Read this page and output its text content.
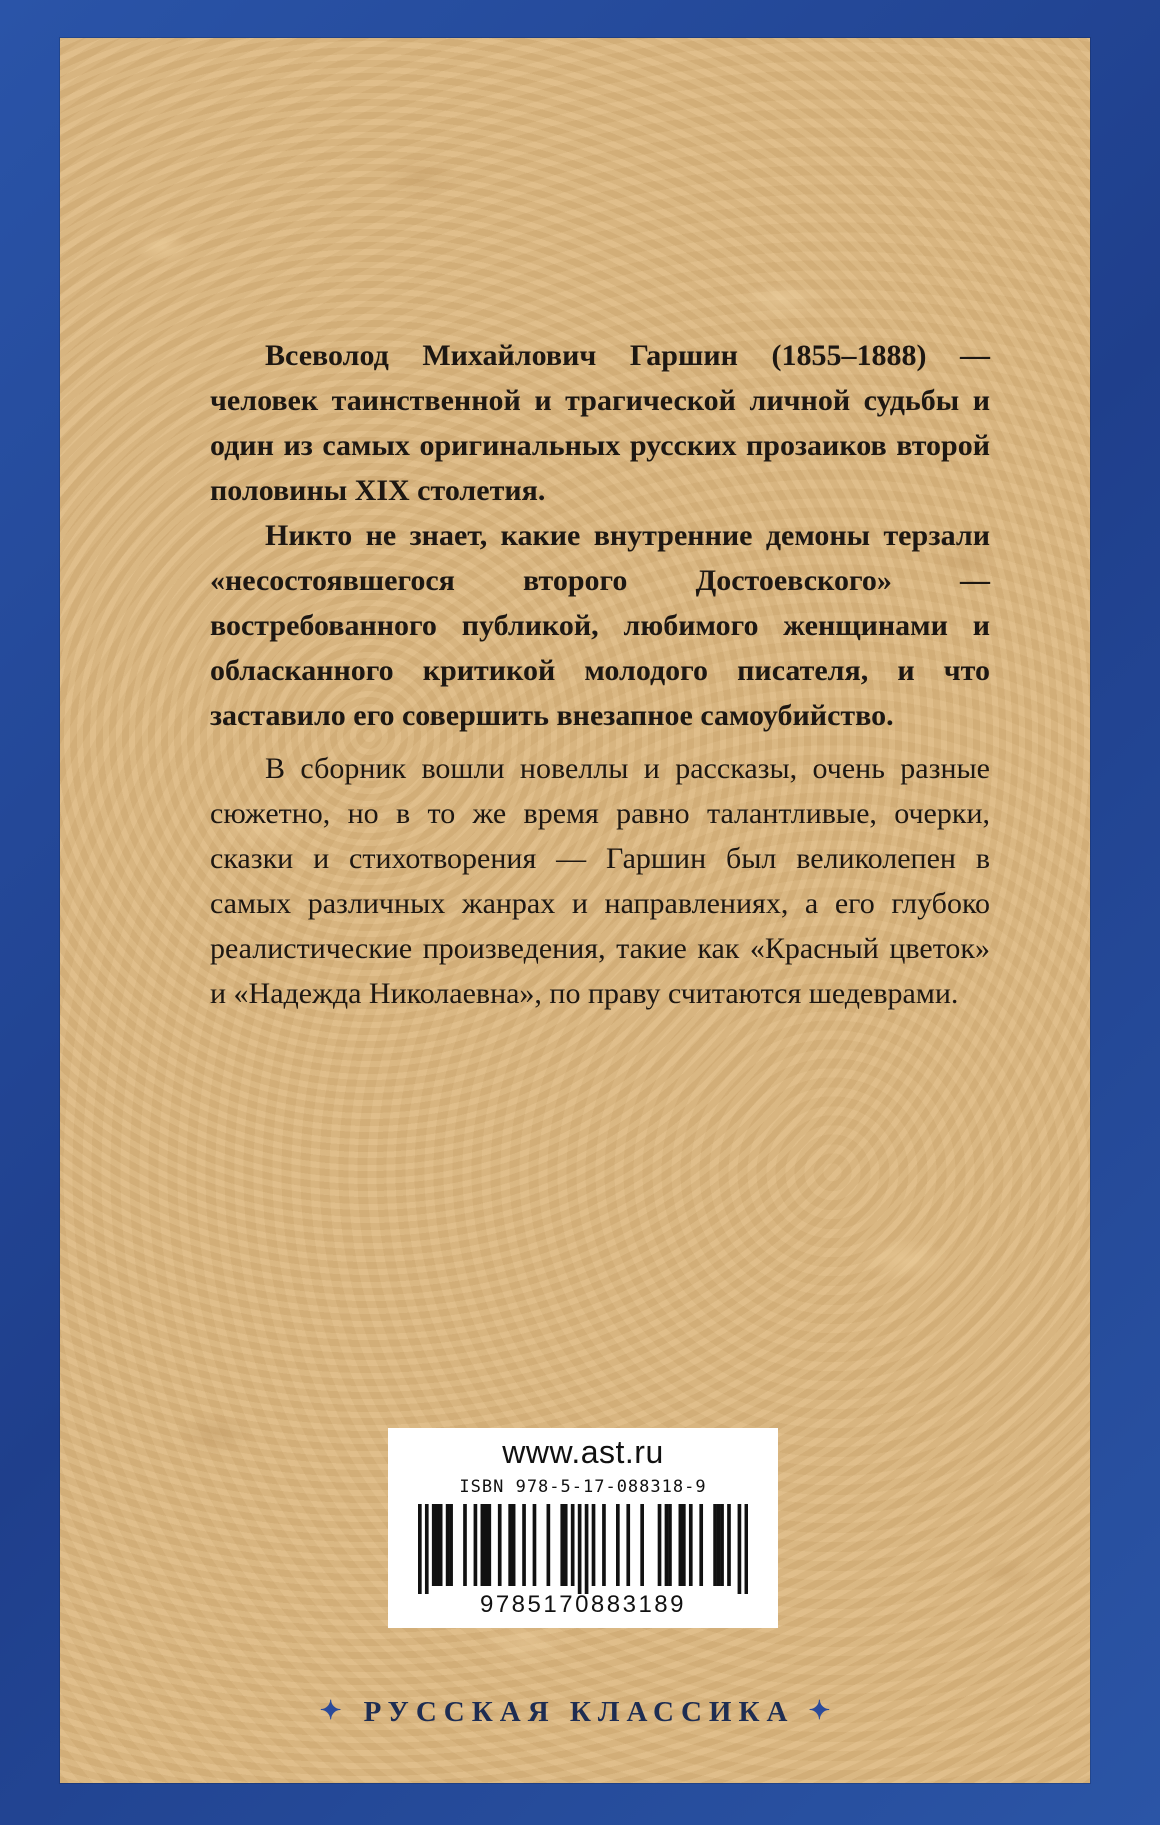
Всеволод Михайлович Гаршин (1855–1888) — человек таинственной и трагической личной судьбы и один из самых оригинальных русских прозаиков второй половины XIX столетия.

Никто не знает, какие внутренние демоны терзали «несостоявшегося второго Достоевского» — востребованного публикой, любимого женщинами и обласканного критикой молодого писателя, и что заставило его совершить внезапное самоубийство.

В сборник вошли новеллы и рассказы, очень разные сюжетно, но в то же время равно талантливые, очерки, сказки и стихотворения — Гаршин был великолепен в самых различных жанрах и направлениях, а его глубоко реалистические произведения, такие как «Красный цветок» и «Надежда Николаевна», по праву считаются шедеврами.

www.ast.ru
ISBN 978-5-17-088318-9
9785170883189
✦ РУССКАЯ КЛАССИКА ✦
